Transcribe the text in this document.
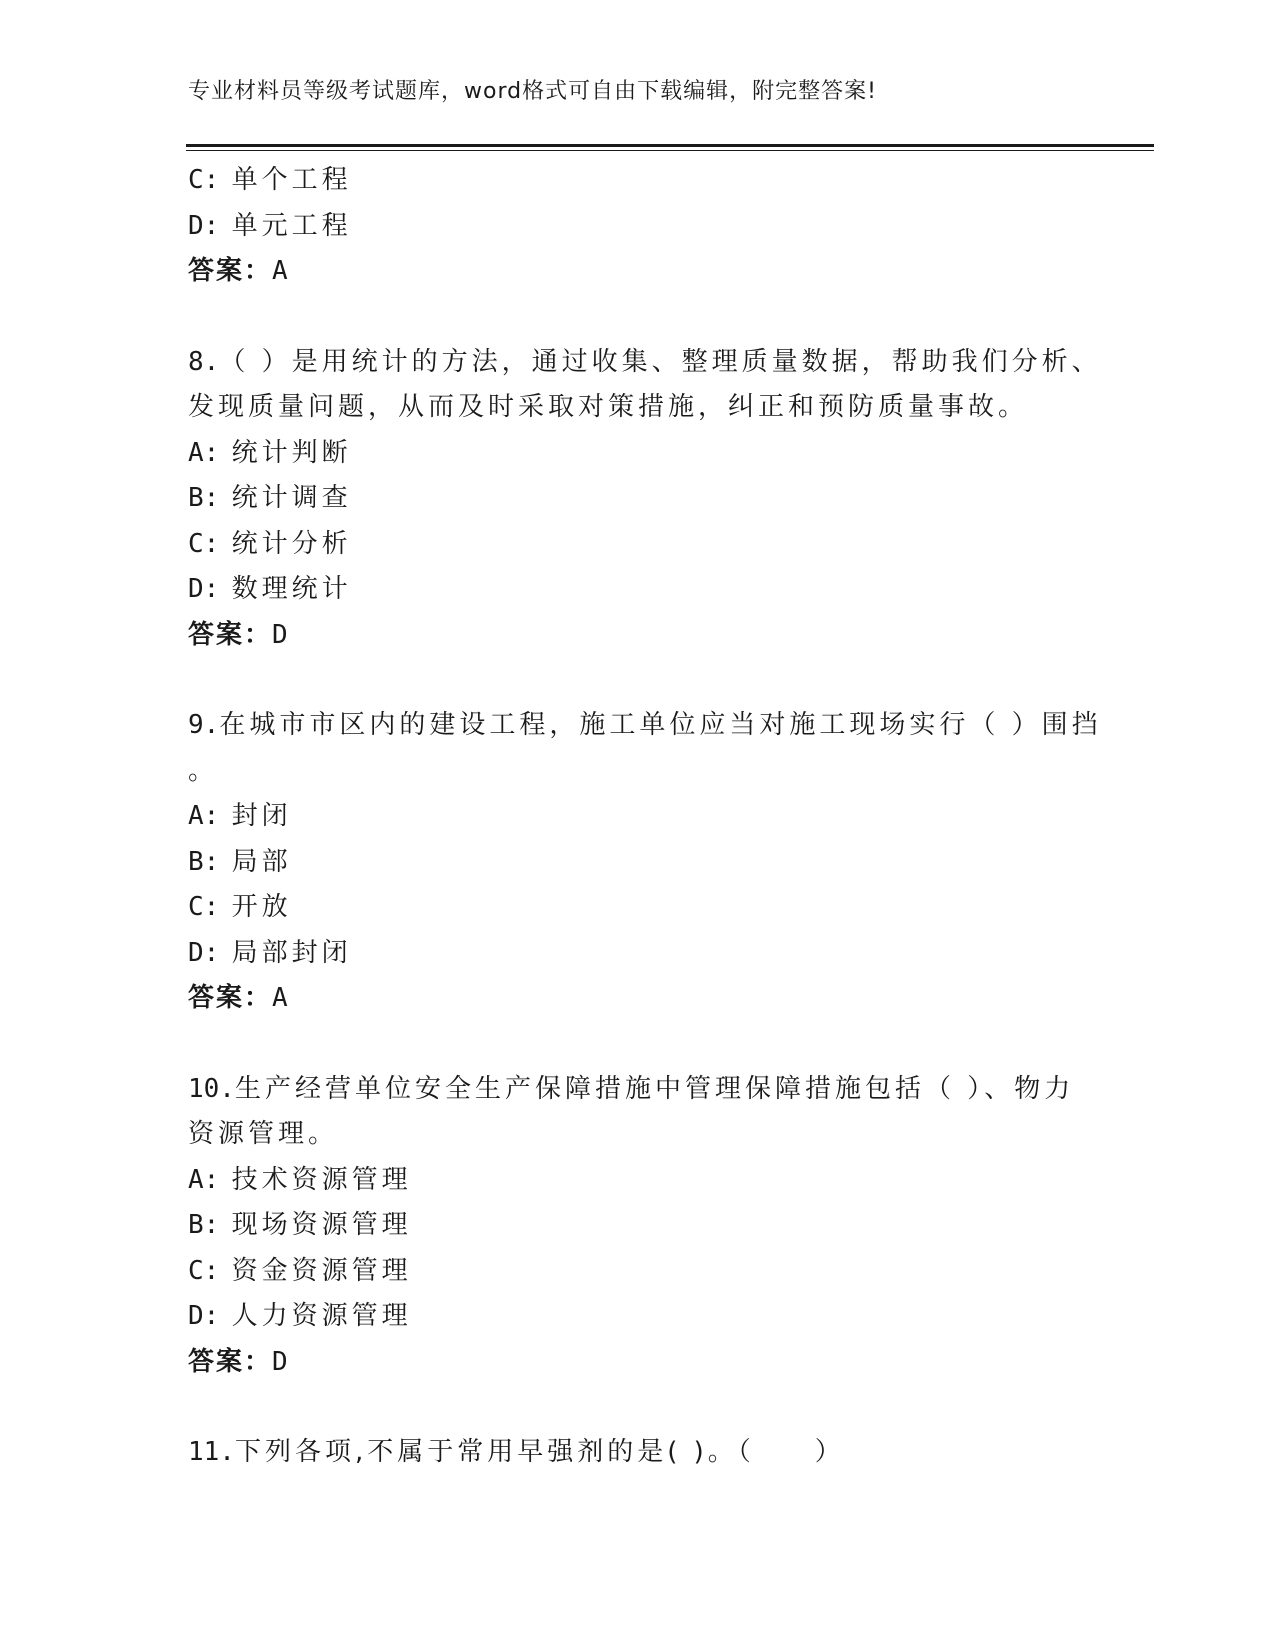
专业材料员等级考试题库，word格式可自由下载编辑，附完整答案!
C: 单个工程
D: 单元工程
答案：A
8.（ ）是用统计的方法，通过收集、整理质量数据，帮助我们分析、
发现质量问题，从而及时采取对策措施，纠正和预防质量事故。
A: 统计判断
B: 统计调查
C: 统计分析
D: 数理统计
答案：D
9.在城市市区内的建设工程，施工单位应当对施工现场实行（ ）围挡
。
A: 封闭
B: 局部
C: 开放
D: 局部封闭
答案：A
10.生产经营单位安全生产保障措施中管理保障措施包括（ ）、物力
资源管理。
A: 技术资源管理
B: 现场资源管理
C: 资金资源管理
D: 人力资源管理
答案：D
11.下列各项,不属于常用早强剂的是( )。（　　）
